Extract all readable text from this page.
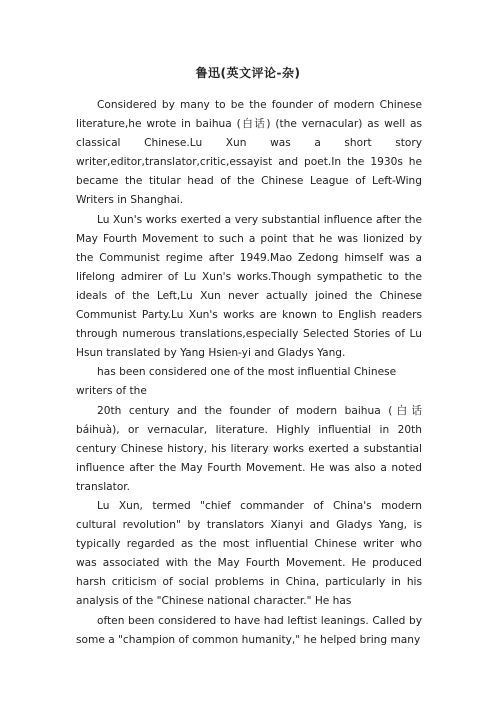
鲁迅(英文评论-杂)

Considered by many to be the founder of modern Chinese literature,he wrote in baihua (白话) (the vernacular) as well as classical Chinese.Lu Xun was a short story writer,editor,translator,critic,essayist and poet.In the 1930s he became the titular head of the Chinese League of Left-Wing Writers in Shanghai.

Lu Xun's works exerted a very substantial influence after the May Fourth Movement to such a point that he was lionized by the Communist regime after 1949.Mao Zedong himself was a lifelong admirer of Lu Xun's works.Though sympathetic to the ideals of the Left,Lu Xun never actually joined the Chinese Communist Party.Lu Xun's works are known to English readers through numerous translations,especially Selected Stories of Lu Hsun translated by Yang Hsien-yi and Gladys Yang.

has been considered one of the most influential Chinese writers of the

20th century and the founder of modern baihua (白话 báihuà), or vernacular, literature. Highly influential in 20th century Chinese history, his literary works exerted a substantial influence after the May Fourth Movement. He was also a noted translator.

Lu Xun, termed "chief commander of China's modern cultural revolution" by translators Xianyi and Gladys Yang, is typically regarded as the most influential Chinese writer who was associated with the May Fourth Movement. He produced harsh criticism of social problems in China, particularly in his analysis of the "Chinese national character." He has

often been considered to have had leftist leanings. Called by some a "champion of common humanity," he helped bring many
